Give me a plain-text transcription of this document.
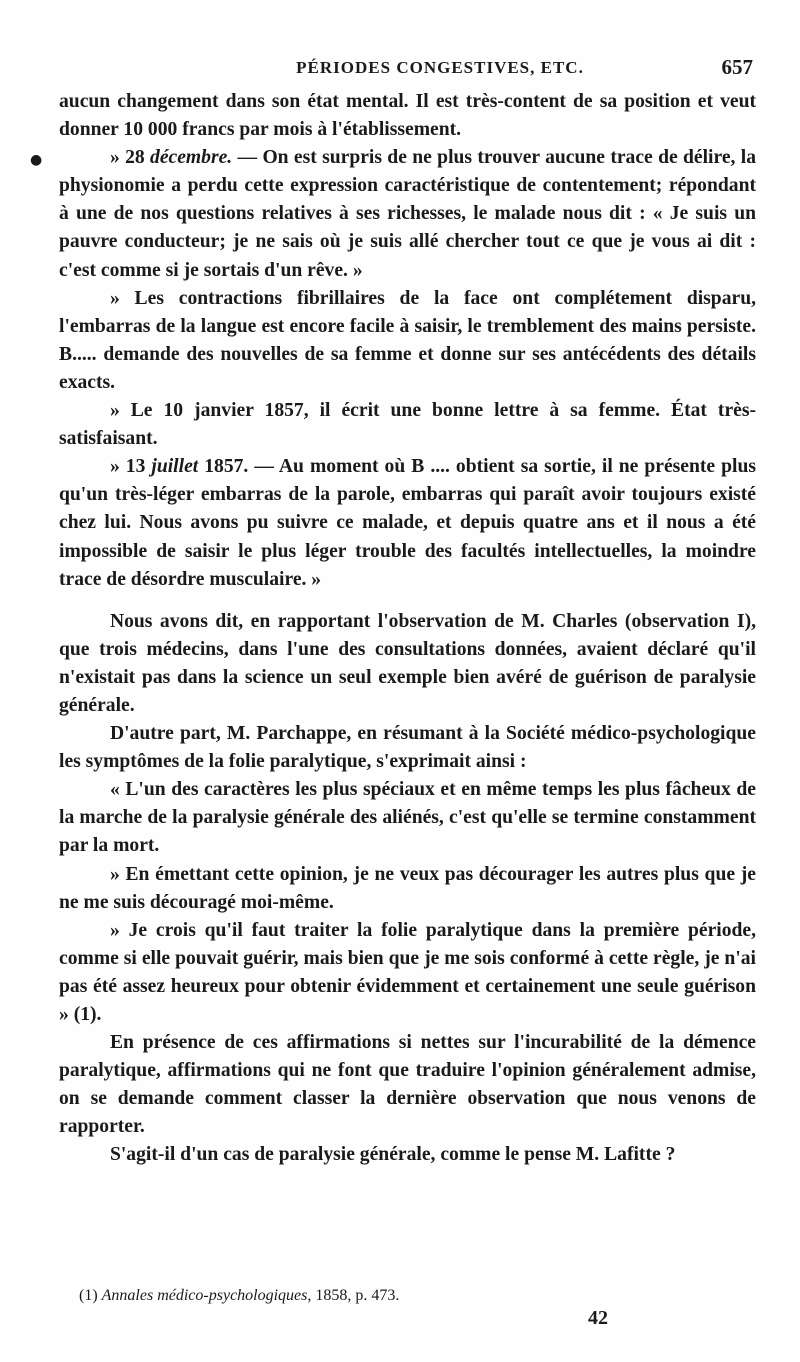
PÉRIODES CONGESTIVES, ETC.	657
●

aucun changement dans son état mental. Il est très-content de sa position et veut donner 10 000 francs par mois à l'établissement.

» 28 décembre. — On est surpris de ne plus trouver aucune trace de délire, la physionomie a perdu cette expression caractéristique de contentement; répondant à une de nos questions relatives à ses richesses, le malade nous dit : « Je suis un pauvre conducteur; je ne sais où je suis allé chercher tout ce que je vous ai dit : c'est comme si je sortais d'un rêve. »

» Les contractions fibrillaires de la face ont complétement disparu, l'embarras de la langue est encore facile à saisir, le tremblement des mains persiste. B..... demande des nouvelles de sa femme et donne sur ses antécédents des détails exacts.

» Le 10 janvier 1857, il écrit une bonne lettre à sa femme. État très-satisfaisant.

» 13 juillet 1857. — Au moment où B .... obtient sa sortie, il ne présente plus qu'un très-léger embarras de la parole, embarras qui paraît avoir toujours existé chez lui. Nous avons pu suivre ce malade, et depuis quatre ans et il nous a été impossible de saisir le plus léger trouble des facultés intellectuelles, la moindre trace de désordre musculaire. »

Nous avons dit, en rapportant l'observation de M. Charles (observation I), que trois médecins, dans l'une des consultations données, avaient déclaré qu'il n'existait pas dans la science un seul exemple bien avéré de guérison de paralysie générale.

D'autre part, M. Parchappe, en résumant à la Société médico-psychologique les symptômes de la folie paralytique, s'exprimait ainsi :

« L'un des caractères les plus spéciaux et en même temps les plus fâcheux de la marche de la paralysie générale des aliénés, c'est qu'elle se termine constamment par la mort.

» En émettant cette opinion, je ne veux pas décourager les autres plus que je ne me suis découragé moi-même.

» Je crois qu'il faut traiter la folie paralytique dans la première période, comme si elle pouvait guérir, mais bien que je me sois conformé à cette règle, je n'ai pas été assez heureux pour obtenir évidemment et certainement une seule guérison » (1).

En présence de ces affirmations si nettes sur l'incurabilité de la démence paralytique, affirmations qui ne font que traduire l'opinion généralement admise, on se demande comment classer la dernière observation que nous venons de rapporter.

S'agit-il d'un cas de paralysie générale, comme le pense M. Lafitte ?

(1) Annales médico-psychologiques, 1858, p. 473.
42
